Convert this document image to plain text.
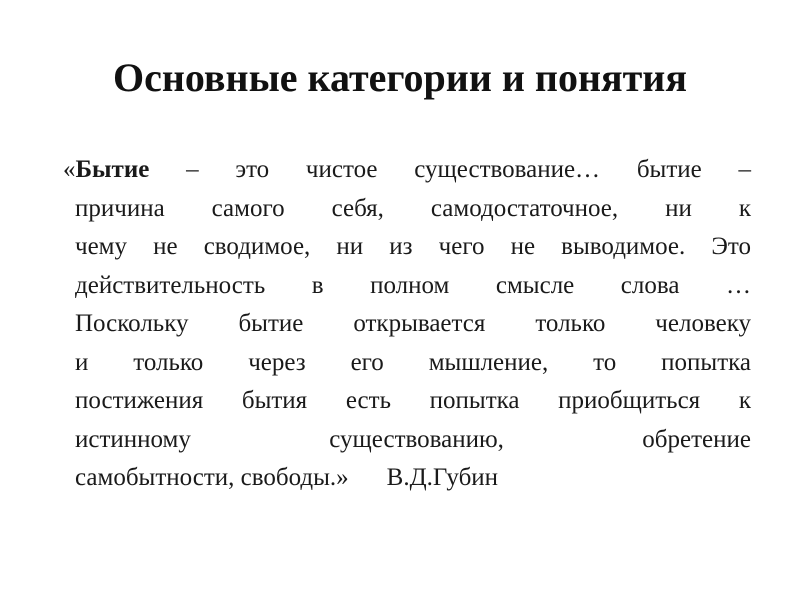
Основные категории и понятия
«Бытие – это чистое существование… бытие –
причина самого себя, самодостаточное, ни к
чему не сводимое, ни из чего не выводимое. Это
действительность в полном смысле слова …
Поскольку бытие открывается только человеку
и только через его мышление, то попытка
постижения бытия есть попытка приобщиться к
истинному существованию, обретение
самобытности, свободы.» В.Д.Губин
